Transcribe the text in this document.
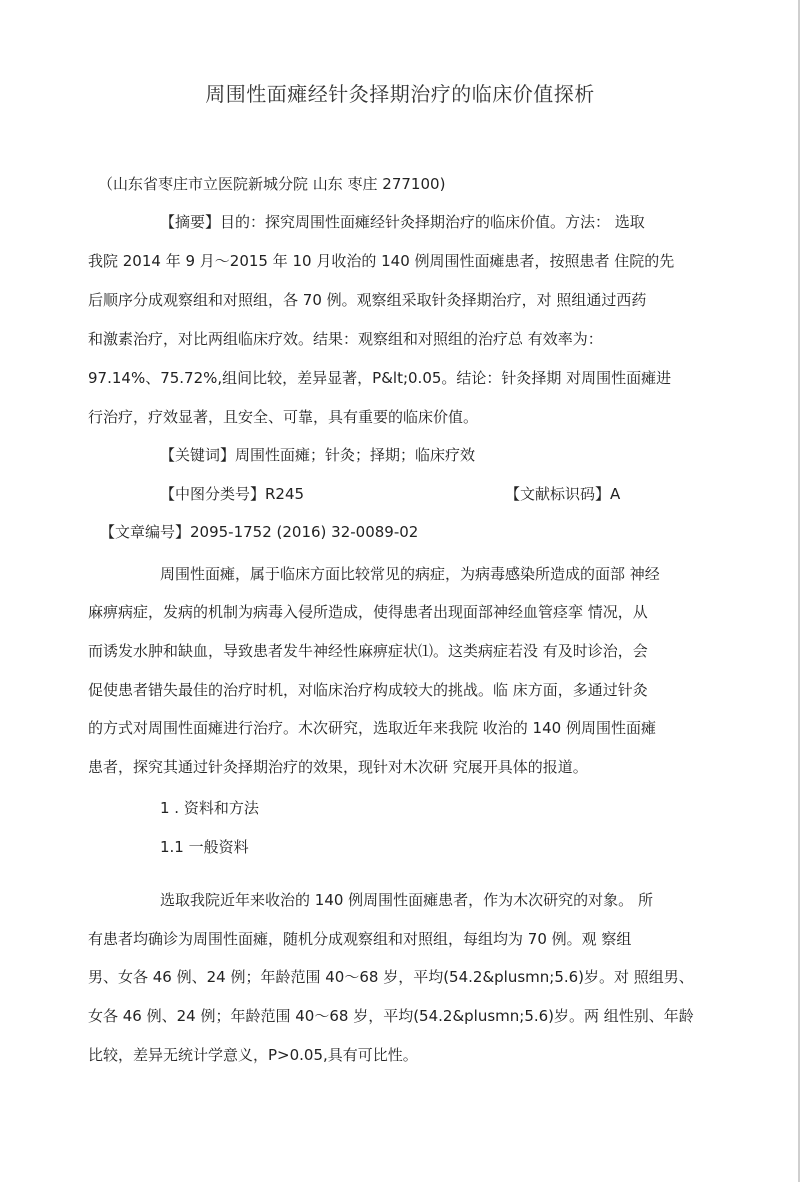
周围性面瘫经针灸择期治疗的临床价值探析
（山东省枣庄市立医院新城分院 山东 枣庄 277100)
【摘要】目的：探究周围性面瘫经针灸择期治疗的临床价值。方法： 选取
我院 2014 年 9 月～2015 年 10 月收治的 140 例周围性面瘫患者，按照患者 住院的先
后顺序分成观察组和对照组，各 70 例。观察组采取针灸择期治疗，对 照组通过西药
和激素治疗，对比两组临床疗效。结果：观察组和对照组的治疗总 有效率为：
97.14%、75.72%,组间比较，差异显著，P&lt;0.05。结论：针灸择期 对周围性面瘫进
行治疗，疗效显著，且安全、可靠，具有重要的临床价值。
【关键词】周围性面瘫；针灸；择期；临床疗效
【中图分类号】R245	【文献标识码】A
【文章编号】2095-1752 (2016) 32-0089-02
周围性面瘫，属于临床方面比较常见的病症，为病毒感染所造成的面部 神经
麻痹病症，发病的机制为病毒入侵所造成，使得患者出现面部神经血管痉挛 情况，从
而诱发水肿和缺血，导致患者发牛神经性麻痹症状⑴。这类病症若没 有及时诊治，会
促使患者错失最佳的治疗时机，对临床治疗构成较大的挑战。临 床方面，多通过针灸
的方式对周围性面瘫进行治疗。木次研究，选取近年来我院 收治的 140 例周围性面瘫
患者，探究其通过针灸择期治疗的效果，现针对木次研 究展开具体的报道。
1 . 资料和方法
1.1 一般资料
选取我院近年来收治的 140 例周围性面瘫患者，作为木次研究的对象。 所
有患者均确诊为周围性面瘫，随机分成观察组和对照组，每组均为 70 例。观 察组
男、女各 46 例、24 例；年龄范围 40～68 岁，平均(54.2&plusmn;5.6)岁。对 照组男、
女各 46 例、24 例；年龄范围 40～68 岁，平均(54.2&plusmn;5.6)岁。两 组性别、年龄
比较，差异无统计学意义，P>0.05,具有可比性。
